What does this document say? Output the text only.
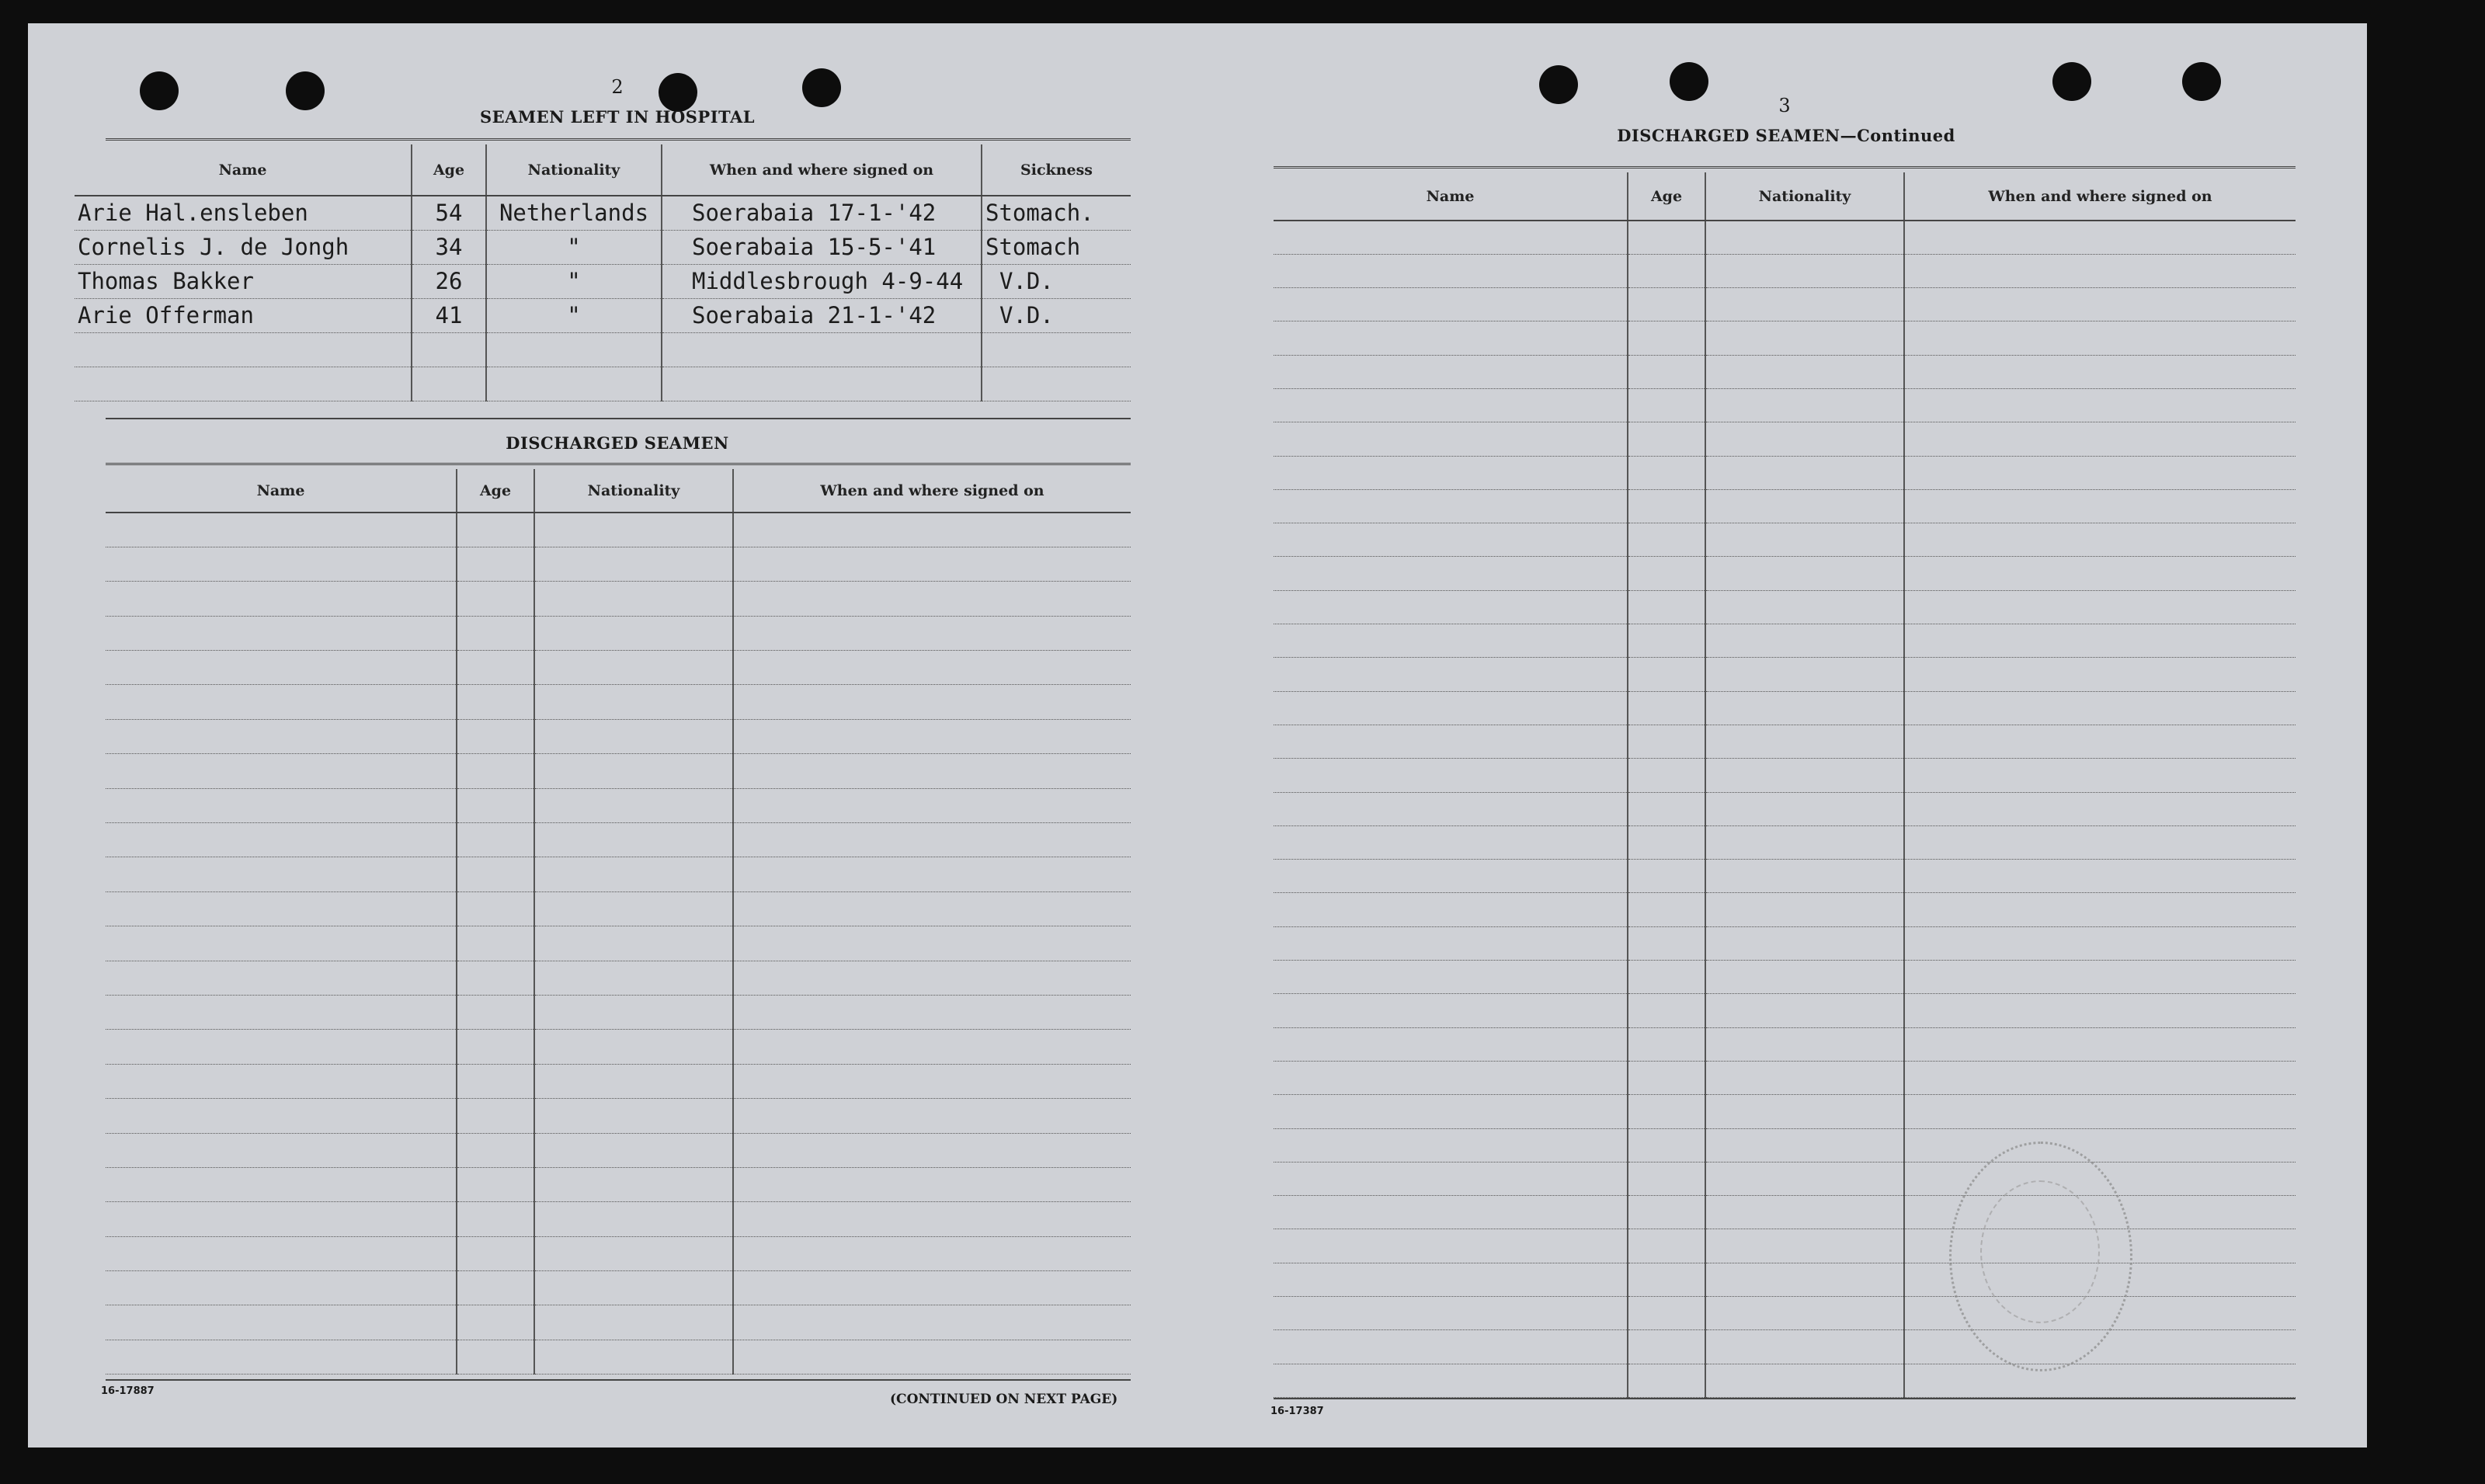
2
SEAMEN LEFT IN HOSPITAL
Name	Age	Nationality	When and where signed on	Sickness
Arie Hal.ensleben	54	Netherlands	Soerabaia 17-1-'42	Stomach.
Cornelis J. de Jongh	34	"	Soerabaia 15-5-'41	Stomach
Thomas Bakker	26	"	Middlesbrough 4-9-44	V.D.
Arie Offerman	41	"	Soerabaia 21-1-'42	V.D.

DISCHARGED SEAMEN
Name	Age	Nationality	When and where signed on

16-17887
(CONTINUED ON NEXT PAGE)
3
DISCHARGED SEAMEN—Continued
Name	Age	Nationality	When and where signed on

16-17387
